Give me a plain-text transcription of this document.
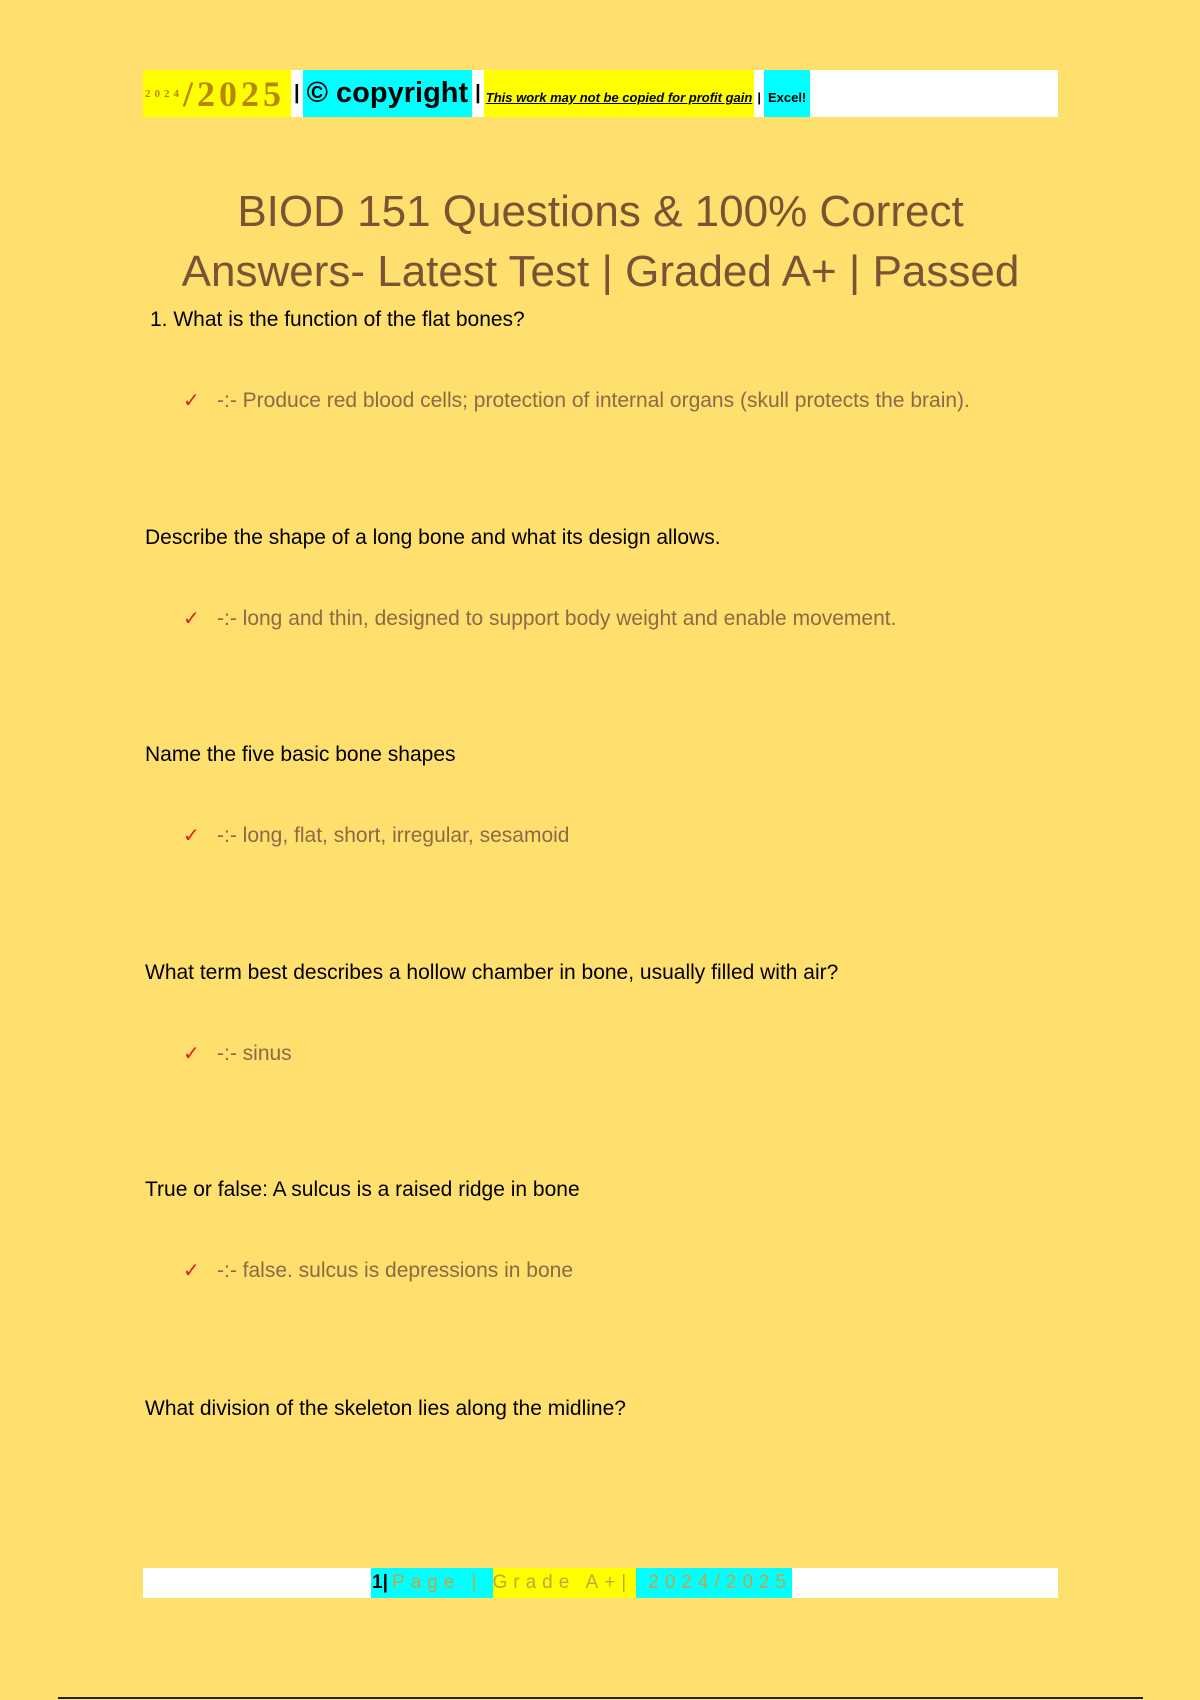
2024 /2025 | © copyright | This work may not be copied for profit gain | Excel!
BIOD 151 Questions & 100% Correct
Answers- Latest Test | Graded A+ | Passed

1. What is the function of the flat bones?

✓ -:- Produce red blood cells; protection of internal organs (skull protects the brain).

Describe the shape of a long bone and what its design allows.

✓ -:- long and thin, designed to support body weight and enable movement.

Name the five basic bone shapes

✓ -:- long, flat, short, irregular, sesamoid

What term best describes a hollow chamber in bone, usually filled with air?

✓ -:- sinus

True or false: A sulcus is a raised ridge in bone

✓ -:- false. sulcus is depressions in bone

What division of the skeleton lies along the midline?

1 | Page | Grade A+| 2024/2025
